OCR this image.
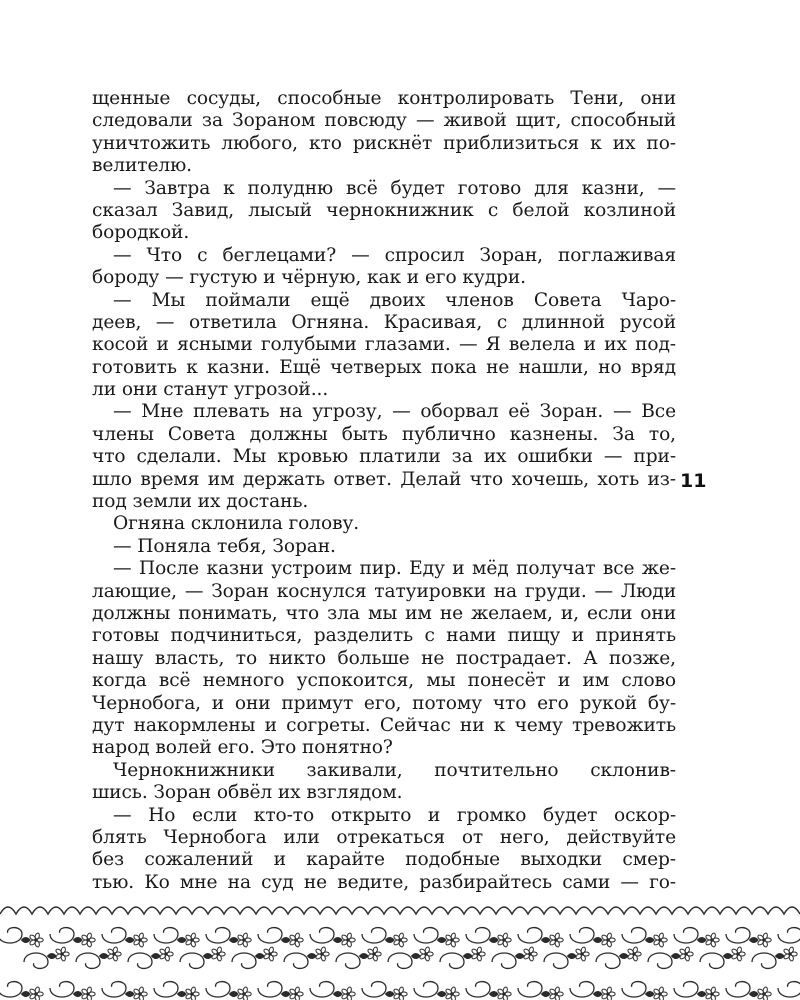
щенные сосуды, способные контролировать Тени, они
следовали за Зораном повсюду — живой щит, способный
уничтожить любого, кто рискнёт приблизиться к их по-
велителю.
— Завтра к полудню всё будет готово для казни, —
сказал Завид, лысый чернокнижник с белой козлиной
бородкой.
— Что с беглецами? — спросил Зоран, поглаживая
бороду — густую и чёрную, как и его кудри.
— Мы поймали ещё двоих членов Совета Чаро-
деев, — ответила Огняна. Красивая, с длинной русой
косой и ясными голубыми глазами. — Я велела и их под-
готовить к казни. Ещё четверых пока не нашли, но вряд
ли они станут угрозой...
— Мне плевать на угрозу, — оборвал её Зоран. — Все
члены Совета должны быть публично казнены. За то,
что сделали. Мы кровью платили за их ошибки — при-
шло время им держать ответ. Делай что хочешь, хоть из-
под земли их достань.
Огняна склонила голову.
— Поняла тебя, Зоран.
— После казни устроим пир. Еду и мёд получат все же-
лающие, — Зоран коснулся татуировки на груди. — Люди
должны понимать, что зла мы им не желаем, и, если они
готовы подчиниться, разделить с нами пищу и принять
нашу власть, то никто больше не пострадает. А позже,
когда всё немного успокоится, мы понесёт и им слово
Чернобога, и они примут его, потому что его рукой бу-
дут накормлены и согреты. Сейчас ни к чему тревожить
народ волей его. Это понятно?
Чернокнижники закивали, почтительно склонив-
шись. Зоран обвёл их взглядом.
— Но если кто-то открыто и громко будет оскор-
блять Чернобога или отрекаться от него, действуйте
без сожалений и карайте подобные выходки смер-
тью. Ко мне на суд не ведите, разбирайтесь сами — го-
11
